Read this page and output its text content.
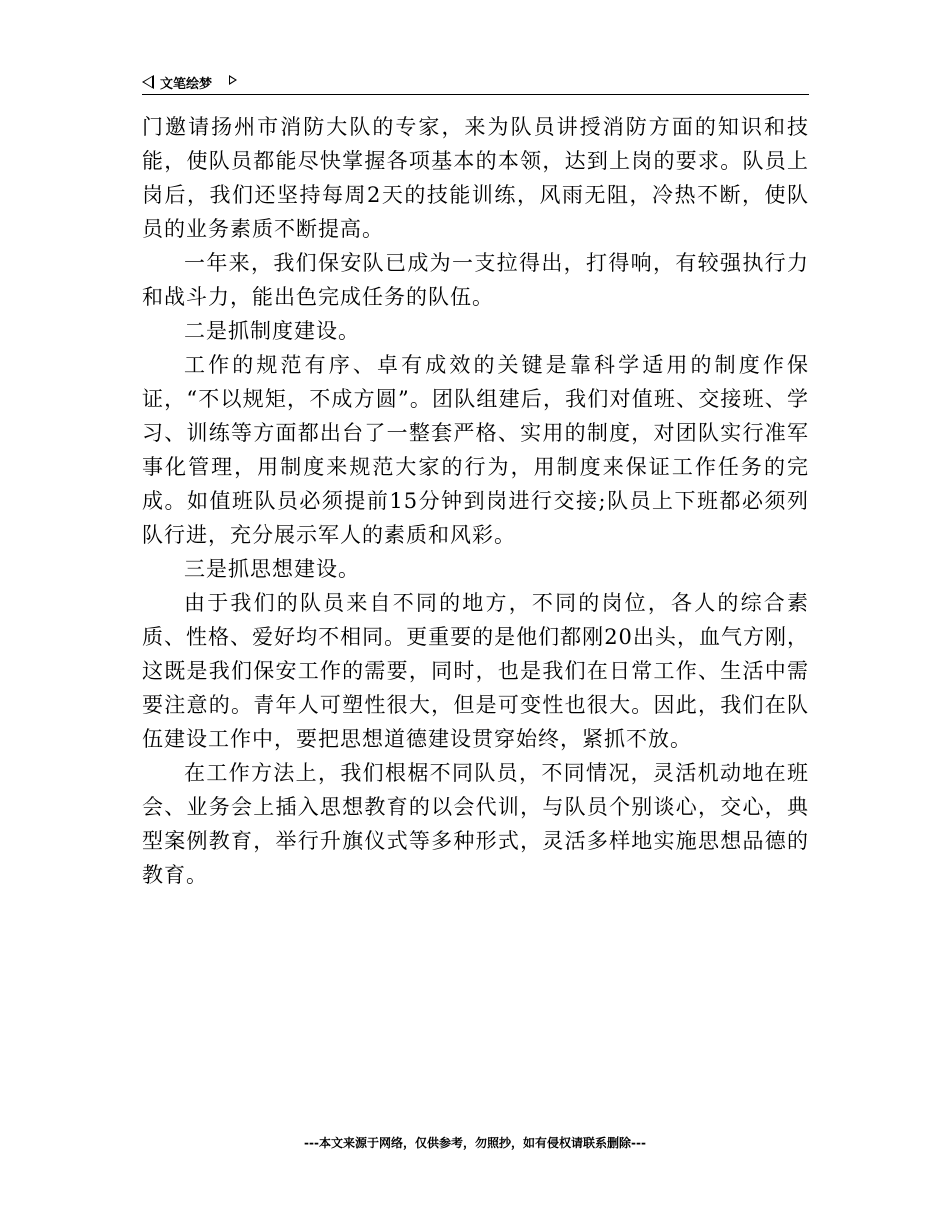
文笔绘梦

门邀请扬州市消防大队的专家，来为队员讲授消防方面的知识和技能，使队员都能尽快掌握各项基本的本领，达到上岗的要求。队员上岗后，我们还坚持每周2天的技能训练，风雨无阻，冷热不断，使队员的业务素质不断提高。

一年来，我们保安队已成为一支拉得出，打得响，有较强执行力和战斗力，能出色完成任务的队伍。

二是抓制度建设。

工作的规范有序、卓有成效的关键是靠科学适用的制度作保证，“不以规矩，不成方圆”。团队组建后，我们对值班、交接班、学习、训练等方面都出台了一整套严格、实用的制度，对团队实行准军事化管理，用制度来规范大家的行为，用制度来保证工作任务的完成。如值班队员必须提前15分钟到岗进行交接;队员上下班都必须列队行进，充分展示军人的素质和风彩。

三是抓思想建设。

由于我们的队员来自不同的地方，不同的岗位，各人的综合素质、性格、爱好均不相同。更重要的是他们都刚20出头，血气方刚，这既是我们保安工作的需要，同时，也是我们在日常工作、生活中需要注意的。青年人可塑性很大，但是可变性也很大。因此，我们在队伍建设工作中，要把思想道德建设贯穿始终，紧抓不放。

在工作方法上，我们根椐不同队员，不同情况，灵活机动地在班会、业务会上插入思想教育的以会代训，与队员个别谈心，交心，典型案例教育，举行升旗仪式等多种形式，灵活多样地实施思想品德的教育。

---本文来源于网络，仅供参考，勿照抄，如有侵权请联系删除---
